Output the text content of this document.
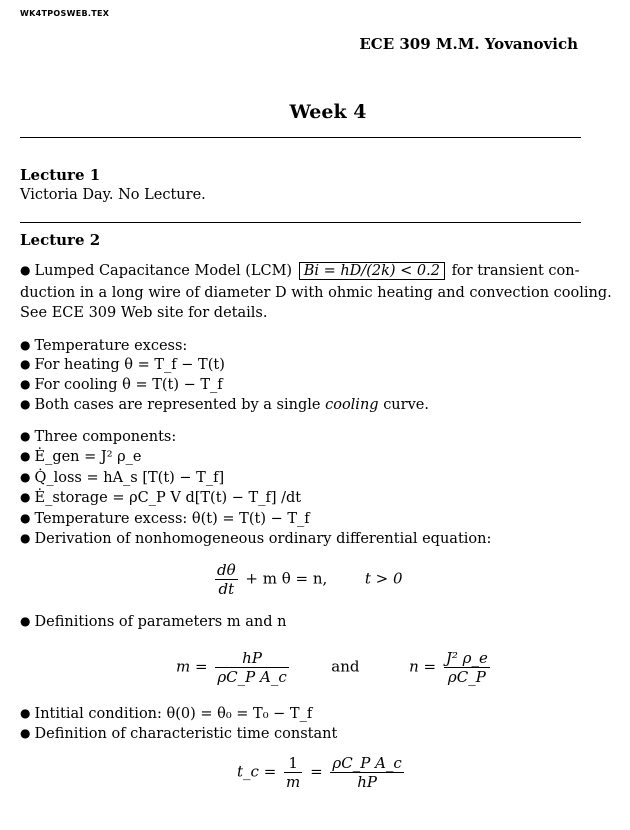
WK4TPOSWEB.TEX
ECE 309 M.M. Yovanovich
Week 4
Lecture 1
Victoria Day. No Lecture.
Lecture 2
● Lumped Capacitance Model (LCM) Bi = hD/(2k) < 0.2 for transient con-
duction in a long wire of diameter D with ohmic heating and convection cooling.
See ECE 309 Web site for details.
● Temperature excess:
● For heating θ = T_f − T(t)
● For cooling θ = T(t) − T_f
● Both cases are represented by a single cooling curve.
● Three components:
● Ė_gen = J² ρ_e
● Q̇_loss = hA_s [T(t) − T_f]
● Ė_storage = ρC_P V d[T(t) − T_f] /dt
● Temperature excess: θ(t) = T(t) − T_f
● Derivation of nonhomogeneous ordinary differential equation:
$\frac{d\theta}{dt} + m$ θ = n,	t > 0
● Definitions of parameters m and n
$m = \frac{hP}{\text{ρC\_P A\_c}}$	and	$n = \frac{\text{J² ρ\_e}}{\rho C\_P}$
● Intitial condition: θ(0) = θ₀ = T₀ − T_f
● Definition of characteristic time constant
t_c = $\frac{1}{m} = \frac{\text{ρC\_P A\_c}}{hP}$
